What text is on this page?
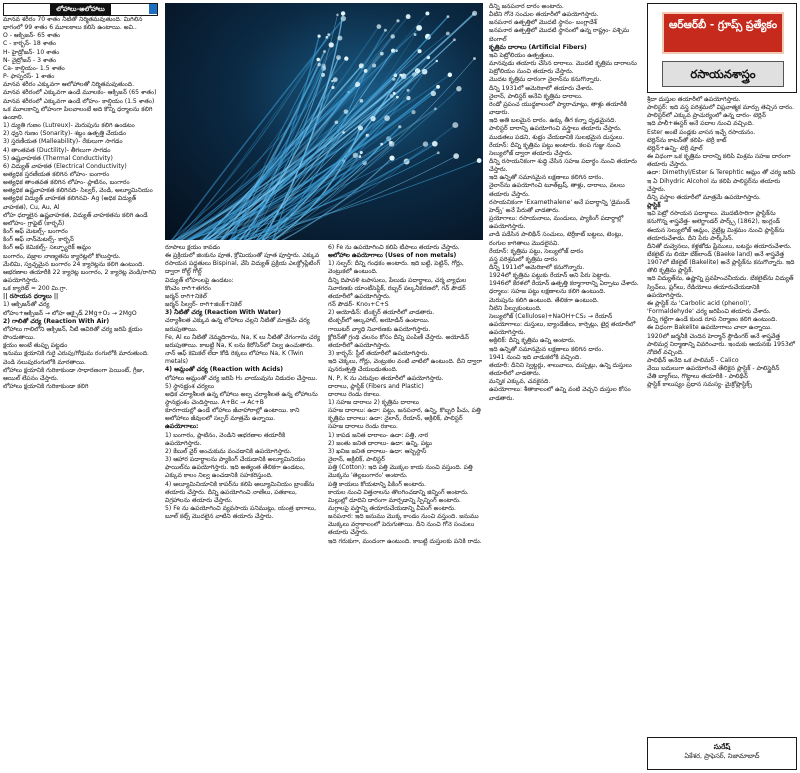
లోహాలు-అలోహాలు

మానవ శరీరం 70 శాతం నీటితో నిర్మితమవుతుంది. మిగిలిన భాగంలో 99 శాతం 6 మూలకాలు కలిసి ఉంటాయి. అవి..

O - ఆక్సిజన్- 65 శాతం

C - కార్బన్- 18 శాతం

H- హైడ్రోజన్- 10 శాతం

N- నైట్రోజన్ - 3 శాతం

Ca- కాల్షియం- 1.5 శాతం

P- ఫాస్ఫరస్- 1 శాతం

మానవ శరీరం ఎక్కువగా ఆలోహాలతో నిర్మితమవుతుంది.

మానవ శరీరంలో ఎక్కువగా ఉండే మూలకం- ఆక్సిజన్ (65 శాతం)

మానవ శరీరంలో ఎక్కువగా ఉండే లోహం- కాల్షియం (1.5 శాతం)

ఒక మూలకాన్ని లోహంగా పిలవాలంటే అది కొన్ని ధర్మాలను కలిగి ఉండాలి.

1) ద్యుతి గుణం (Lutreux)- మెరుపును కలిగి ఉండటం

2) ధ్వని గుణం (Sonarity)- శబ్దం ఉత్పత్తి చేయడం

3) స్తరణీయత (Malleability)- రేకులుగా సాగడం

4) తాంతవత (Ductility)- తీగలుగా సాగడం

5) ఉష్ణవాహకత (Thermal Conductivity)

6) విద్యుత్ వాహకత (Electrical Conductivity)

అత్యధిక స్తరణీయత కలిగిన లోహం- బంగారం

అత్యధిక తాంతవత కలిగిన లోహం- ప్లాటినం, బంగారం

అత్యధిక ఉష్ణవాహకత కలిగినది- సిల్వర్, వెండి, అల్యూమినియం

అత్యధిక విద్యుత్ వాహకత కలిగినవి- Ag (అధిక విద్యుత్ వాహకత), Cu, Au, Al

లోహ ధర్మాలైన ఉష్ణవాహకత, విద్యుత్ వాహకతను కలిగి ఉండే అలోహం- గ్రాఫైట్ (కార్బన్)

కింగ్ ఆఫ్ మెటల్స్- బంగారం

కింగ్ ఆఫ్ నాన్‌మెటల్స్- కార్బన్

కింగ్ ఆఫ్ కెమికల్స్- సల్ఫ్యూరిక్ ఆమ్లం

బంగారం, వజ్రాల నాణ్యతను క్యారెట్లలో కొలుస్తారు.

మేలిమి, స్వచ్ఛమైన బంగారం 24 క్యారెట్లను కలిగి ఉంటుంది.

ఆభరణాల తయారీకి 22 క్యారెట్ల బంగారం, 2 క్యారెట్ల వెండి/రాగిని ఉపయోగిస్తారు.

ఒక క్యారెట్ = 200 మి.గ్రా.

|| రసాయన ధర్మాలు ||

1) ఆక్సిజన్‌తో చర్య

లోహం+ఆక్సిజన్ → లోహ ఆక్సైడ్ 2Mg+O₂ → 2MgO

2) గాలితో చర్య (Reaction With Air)

లోహాలు గాలిలోని ఆక్సిజన్, నీటి ఆవిరితో చర్య జరిపి క్షయం పొందుతాయి.

క్షయం అంటే తుప్పు పట్టడం

ఇనుము క్షయానికి గురై ఎరుపు/గోధుమ రంగులోకి మారుతుంది.

వెండి నలుపురంగులోకి మారతాయి.

లోహాలు క్షయానికి గురికాకుండా సాధారణంగా పెయింట్, గ్రీజు, ఆయిల్ లేపనం చేస్తారు.

లోహాలు క్షయానికి గురికాకుండా కలిగి

రూపాలు క్షయం కావడం

ఈ ప్రక్రియలో జింకును పూత, క్రోమియంతో పూత పూస్తారు. ఎక్కువ రసాయన పద్ధతులు Bispinal, వేసి విద్యుత్ ప్రక్రియ ఎలక్ట్రోప్లేటింగ్ ద్వారా రోల్డ్ గోల్డ్

విద్యుత్ లోహంలపై ఉండటం:

కొంచెం రాగి+తగరం

జర్మన్ రాగి+నికెల్

జర్మన్ సిల్వర్- రాగి+జింక్+నికెల్

3) నీటితో చర్య (Reaction With Water)

చర్యాశీలత ఎక్కువ ఉన్న లోహాలు చల్లని నీటితో మాత్రమే చర్య జరుపుతాయి.

Fe, Al లు నీటితో నెమ్మదిగాను, Na, K లు నీటితో వేగంగాను చర్య జరుపుతాయి. కాబట్టి Na, K లను కిరోసిన్‌లో నిల్వ ఉంచుతారు.

నాన్ ఆఫ్ కెమికల్ లేదా కోడి రెక్కలు లోహాలు Na, K (Twin metals)

4) ఆమ్లంతో చర్య (Reaction with Acids)

లోహాలు ఆమ్లంతో చర్య జరిపి H₂ వాయువును విడుదల చేస్తాయి.

5) స్థానభ్రంశ చర్యలు

అధిక చర్యాశీలత ఉన్న లోహాలు అల్ప చర్యాశీలత ఉన్న లోహాలను స్థానభ్రంశం చెందిస్తాయి. A+Bc → Ac+B

కూరగాయల్లో ఉండే లోహాలు జీవాహారాల్లో ఉంటాయి. కాని అలోహాలు జీవులలో సల్ఫర్ మాత్రమే ఉన్నాయి.

ఉపయోగాలు:

1) బంగారం, ప్లాటినం, వెండిని ఆభరణాల తయారీకి ఉపయోగిస్తారు.

2) కేబుల్ వైర్ అంచుకుమ వంచడానికి ఉపయోగిస్తారు.

3) ఆహార పదార్థాలను ప్యాకింగ్ చేయడానికి అల్యూమినియం ఫాయిల్‌ను ఉపయోగిస్తారు. ఇది అత్యంత తేలికగా ఉండటం, ఎక్కువ కాలం నిల్వ ఉంచడానికి సహకరిస్తుంది.

4) అల్యూమినియానికి కాపర్‌ను కలిపి అల్యూమినియం బ్రాంజ్‌ను తయారు చేస్తారు. దీన్ని ఉపయోగించి నాణేలు, పతకాలు, విగ్రహాలను తయారు చేస్తారు.

5) Fe ను ఉపయోగించి వ్యవసాయ పనిముట్లు, యంత్ర భాగాలు, బూల్ కట్స్ మొదలైన వాటిని తయారు చేస్తారు.

6) Fe ను ఉపయోగించి కలిపి టీపాలు తయారు చేస్తారు.

అలోహాల ఉపయోగాలు (Uses of non metals)

1) సల్ఫర్: దీన్ని గంధకం అంటారు. ఇది బట్టి, పెట్టిన్, గోర్లు, వెంట్రుకలో ఉంటుంది.

దీన్ని దిపావళి టపాసులు, పేలుడు పదార్థాలు, చర్మ వ్యాధుల నివారణకు యాంటీసెప్టిక్, రబ్బర్ వల్కనీకరణలో, గన్ పౌడర్ తయారీలో ఉపయోగిస్తారు.

గన్ పౌడర్- Kno₃+C+S

2) అయోడిన్: టింక్చర్ తయారీలో వాడతారు.

టింక్చర్‌లో ఆల్కహాల్, అయోడిన్ ఉంటాయి.

గాయిటర్ వ్యాధి నివారణకు ఉపయోగిస్తారు.

క్లోరిన్‌తో గ్రంథి చలనం కోసం దీన్ని పంపిణీ చేస్తారు. అయోడిన్ తయారీలో ఉపయోగిస్తారు.

3) కార్బన్: స్టీల్ తయారీలో ఉపయోగిస్తారు.

ఇది చెక్కలు, గోర్లు, వెంట్రుకల వంటి వాటిలో ఉంటుంది. దీని ద్వారా పునరుత్పత్తి చేయబడుతుంది.

N, P, K ను ఎరువుల తయారీలో ఉపయోగిస్తారు.

దారాలు, ప్లాస్టిక్ (Fibers and Plastic)

దారాలు రెండు రకాలు.

1) సహజ దారాలు 2) కృత్రిమ దారాలు

సహజ దారాలు: ఉదా: పట్టు, జనపనార, ఉన్ని, కొబ్బరి పీచు, పత్తి

కృత్రిమ దారాలు: ఉదా: నైలాన్, రేయాన్, అక్రిలిక్, పాలిస్టర్

సహజ దారాలు రెండు రకాలు.

1) కాపడ జనిత దారాలు- ఉదా: పత్తి, నార

2) జంతు జనిత దారాలు- ఉదా: ఉన్ని, పట్టు

3) ఖనిజ జనిత దారాలు- ఉదా: ఆస్బెస్టాస్

నైలాన్, అక్రిలిక్, పాలిస్టర్

పత్తి (Cotton): ఇది పత్తి మొక్కల కాయ నుంచి వస్తుంది. పత్తి మొక్కను 'తెల్లబంగారం' అంటారు.

పత్తి కాయలు కోయటాన్ని పికింగ్ అంటారు.

కాయల నుంచి విత్తనాలను తొలగించడాన్ని జిన్నింగ్ అంటారు.

మిల్లుల్లో దూదిని దారంగా మార్చడాన్ని స్పిన్నింగ్ అంటారు.

మగ్గాలపై వస్త్రాన్ని తయారుచేయడాన్ని వీవింగ్ అంటారు.

జనపనార: ఇది జనుము మొక్క కాండం నుంచి వస్తుంది. జనుము మొక్కలు వర్షాకాలంలో పెరుగుతాయి. దీని నుంచి గోనె సంచులు తయారు చేస్తారు.

ఇది గరుకుగా, మందంగా ఉంటుంది. కాబట్టి దుస్తులకు పనికి రాదు.

దీన్ని జనపనార దారం అంటారు.

వీటిని గోనె సంచుల తయారీలో ఉపయోగిస్తారు.

జనపనార ఉత్పత్తిలో మొదటి స్థానం- బంగ్లాదేశ్

జనపనార ఉత్పత్తిలో మొదటి స్థానంలో ఉన్న రాష్ట్రం- పశ్చిమ బెంగాల్

కృత్రిమ దారాలు (Artificial Fibers)

ఇవి పెట్రోలియం ఉత్పత్తులు.

మానవుడు తయారు చేసిన దారాలు. మొదటి కృత్రిమ దారాలను పెట్రోలియం నుంచి తయారు చేస్తారు.

మొదట కృత్రిమ దారంగా నైలాన్‌ను కనుగొన్నారు.

దీన్ని 1931లో అమెరికాలో తయారు చేశారు.

నైలాన్, పాలిస్టర్ అనేవి కృత్రిమ దారాలు.

రెండో ప్రపంచ యుద్ధకాలంలో ప్యారాచూట్లు, తాళ్లు తయారీకి వాడారు.

ఇది అతి బలమైన దారం. ఉక్కు తీగ కన్నా దృఢమైనది.

పాలిస్టర్ దారాన్ని ఉపయోగించి వస్త్రాలు తయారు చేస్తారు.

ముడతలు పడని, శుభ్రం చేయడానికి సులభమైన దుస్తులు.

రేయాన్: దీన్ని కృత్రిమ పట్టు అంటారు. కలప గుజ్జు నుంచి సెల్యులోజ్ ద్వారా తయారు చేస్తారు.

దీన్ని రసాయనికంగా శుద్ధి చేసిన సహజ పదార్థం నుంచి తయారు చేస్తారు.

ఇది ఉన్నితో సమానమైన లక్షణాలు కలిగిన దారం.

నైలాన్‌ను ఉపయోగించి టూత్‌బ్రష్, తాళ్లు, దారాలు, వలలు తయారు చేస్తారు.

రసాయనికంగా 'Examethalene' అనే పదార్థాన్ని 'డైమండ్ హెడ్స్' అనే పేరుతో వాడతారు.

ప్రయోగాలు: రసాయనాలు, మందులు, ప్యాకింగ్ పదార్థాల్లో ఉపయోగిస్తారు.

వాడి పడేసిన పాలిథీన్ సంచులు, టెర్రీకాట్ బట్టలు, టెంట్లు, రంగుల కాగితాలు మొదలైనవి.

రేయాన్: కృత్రిమ పట్టు, సెల్యులోజ్ దారం

వస్త్ర పరిశ్రమలో కృత్రిమ దారం

దీన్ని 1911లో అమెరికాలో కనుగొన్నారు.

1924లో కృత్రిమ పట్టుకు రేయాన్ అని పేరు పెట్టారు.

1946లో కేరళలో రేయాన్ ఉత్పత్తి కర్మాగారాన్ని ఏర్పాటు చేశారు.

ధర్మాలు: సహజ పట్టు లక్షణాలను కలిగి ఉంటుంది.

మెరుపును కలిగి ఉంటుంది. తేలికగా ఉంటుంది.

నీటిని పీల్చుకుంటుంది.

సెల్యులోజ్ (Cellulose)+NaOH+CS₂ → రేయాన్

ఉపయోగాలు: దుస్తులు, బ్యాండేజీలు, కార్పెట్లు, టైర్ల తయారీలో ఉపయోగిస్తారు.

అక్రిలిక్: దీన్ని కృత్రిమ ఉన్ని అంటారు.

ఇది ఉన్నితో సమానమైన లక్షణాలు కలిగిన దారం.

1941 నుంచి ఇది వాడుకలోకి వచ్చింది.

తయారీ: దీనిని స్వెట్టర్లు, శాలువాలు, దుప్పట్లు, ఉన్ని దుస్తులు తయారీలో వాడతారు.

మన్నిక ఎక్కువ, చవకైనది.

ఉపయోగాలు: శీతాకాలంలో ఉన్ని వంటి వెచ్చని దుస్తుల కోసం వాడతారు.

ఆర్ఆర్‌బీ - గ్రూప్స్ ప్రత్యేకం
రసాయనశాస్త్రం

శ్రీదా దుస్తుల తయారీలో ఉపయోగిస్తారు.

పాలిస్టర్: ఇది వస్త్ర పరిశ్రమలో విప్లవాత్మక మార్పు తెచ్చిన దారం.

పాలిస్టర్‌లో ఎక్కువ ప్రాచుర్యంలో ఉన్న దారం- టెర్లిన్

ఇది పాలీ+ఈస్టర్ అనే పదాల నుంచి వచ్చింది.

Ester అంటే పండ్లకు వాసన ఇచ్చే రసాయనం.

టెర్లిన్‌ను కాటన్‌తో కలిపి- టెర్రీ కాట్

టెర్లిన్+ఉన్ని- టెర్రీ వూల్

ఈ విధంగా ఒక కృత్రిమ దారాన్ని కలిపి మిశ్రమ సహజ దారంగా తయారు చేస్తారు.

ఉదా: Dimethyl/Ester & Terephtic ఆమ్లం తో చర్య జరిపి ఇ ఏ Dihydric Alcohol ను కలిపి పాలిస్టర్‌ను తయారు చేస్తారు.

దీన్ని వస్త్రాల తయారీలో మాత్రమే ఉపయోగిస్తారు.

ప్లాస్టిక్

ఇవి పెట్రో రసాయన పదార్థాలు. మొదటిసారిగా ప్లాస్టిక్‌ను కనుగొన్న శాస్త్రవేత్త- అలెగ్జాండర్ పార్క్స్ (1862), ఇంగ్లండ్

ఈయన సెల్యులోజ్ ఆమ్లం, నైట్రేట్ల మిశ్రమం నుంచి ప్లాస్టిక్‌ను తయారుచేశాడు. దీని పేరు పార్క్‌సిన్.

దీనితో దువ్వెనలు, కళ్లజోడు ఫ్రేములు, బటన్లు తయారుచేశారు.

బేకలైట్ ను లియో బేక్‌లాండ్ (Baeke land) అనే శాస్త్రవేత్త 1907లో బేకలైట్ (Bakelite) అనే ప్లాస్టిక్‌ను కనుగొన్నారు. ఇది తొలి కృత్రిమ ప్లాస్టిక్.

ఇది విద్యుత్‌ను, ఉష్ణాన్ని ప్రవహించనీయదు. బేకలైట్‌ను విద్యుత్ స్విచ్‌లు, ప్లగ్‌లు, రేడియోలు తయారుచేయడానికి ఉపయోగిస్తారు.

ఈ ప్లాస్టిక్ ను 'Carbolic acid (phenol)', 'Formaldehyde' చర్య జరిపించి తయారు చేశారు.

దీన్ని గట్టిగా ఉండే కుండ రూప నిర్మాణం కలిగి ఉంటుంది.

ఈ విధంగా Bakelite ఉపయోగాలు చాలా ఉన్నాయి.

1920లో జర్మనీకి చెందిన హెర్మాన్ స్టౌడింగర్ అనే శాస్త్రవేత్త పాలిమర్ల నిర్మాణాన్ని వివరించారు. ఇందుకు ఆయనకు 1953లో నోబెల్ వచ్చింది.

పాలిథీన్ అనేది ఒక పాలిమర్ - Calico

వేయి బదులుగా ఉపయోగించే తేలికైన ప్లాస్టిక్ - పాలిస్టైరీన్

చేతి బ్యాగ్‌లు, గొట్టాలు తయారీకి - పాలిథీన్

ప్లాస్టిక్ కాలుష్యం ప్రధాన సమస్య- మైక్రోప్లాస్టిక్స్

సురేష్
ఏకేశర, ప్రాఫెసర్, నిజామాబాద్
